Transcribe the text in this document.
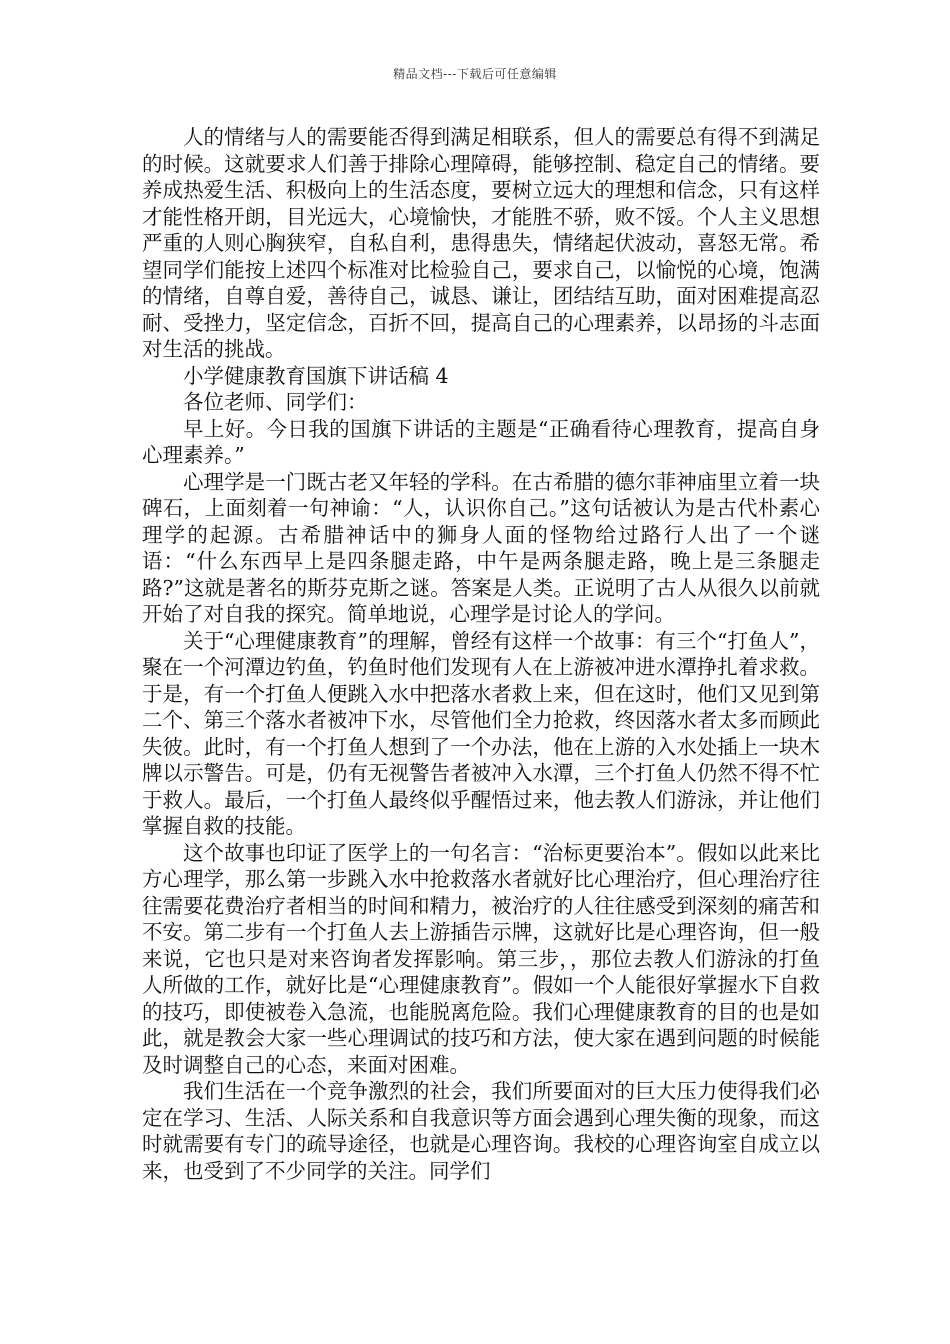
精品文档---下载后可任意编辑

人的情绪与人的需要能否得到满足相联系，但人的需要总有得不到满足的时候。这就要求人们善于排除心理障碍，能够控制、稳定自己的情绪。要养成热爱生活、积极向上的生活态度，要树立远大的理想和信念，只有这样才能性格开朗，目光远大，心境愉快，才能胜不骄，败不馁。个人主义思想严重的人则心胸狭窄，自私自利，患得患失，情绪起伏波动，喜怒无常。希望同学们能按上述四个标准对比检验自己，要求自己，以愉悦的心境，饱满的情绪，自尊自爱，善待自己，诚恳、谦让，团结结互助，面对困难提高忍耐、受挫力，坚定信念，百折不回，提高自己的心理素养，以昂扬的斗志面对生活的挑战。

小学健康教育国旗下讲话稿 4

各位老师、同学们：

早上好。今日我的国旗下讲话的主题是“正确看待心理教育，提高自身心理素养。”

心理学是一门既古老又年轻的学科。在古希腊的德尔菲神庙里立着一块碑石，上面刻着一句神谕：“人，认识你自己。”这句话被认为是古代朴素心理学的起源。古希腊神话中的狮身人面的怪物给过路行人出了一个谜语：“什么东西早上是四条腿走路，中午是两条腿走路，晚上是三条腿走路?”这就是著名的斯芬克斯之谜。答案是人类。正说明了古人从很久以前就开始了对自我的探究。简单地说，心理学是讨论人的学问。

关于“心理健康教育”的理解，曾经有这样一个故事：有三个“打鱼人”，聚在一个河潭边钓鱼，钓鱼时他们发现有人在上游被冲进水潭挣扎着求救。于是，有一个打鱼人便跳入水中把落水者救上来，但在这时，他们又见到第二个、第三个落水者被冲下水，尽管他们全力抢救，终因落水者太多而顾此失彼。此时，有一个打鱼人想到了一个办法，他在上游的入水处插上一块木牌以示警告。可是，仍有无视警告者被冲入水潭，三个打鱼人仍然不得不忙于救人。最后，一个打鱼人最终似乎醒悟过来，他去教人们游泳，并让他们掌握自救的技能。

这个故事也印证了医学上的一句名言：“治标更要治本”。假如以此来比方心理学，那么第一步跳入水中抢救落水者就好比心理治疗，但心理治疗往往需要花费治疗者相当的时间和精力，被治疗的人往往感受到深刻的痛苦和不安。第二步有一个打鱼人去上游插告示牌，这就好比是心理咨询，但一般来说，它也只是对来咨询者发挥影响。第三步，，那位去教人们游泳的打鱼人所做的工作，就好比是“心理健康教育”。假如一个人能很好掌握水下自救的技巧，即使被卷入急流，也能脱离危险。我们心理健康教育的目的也是如此，就是教会大家一些心理调试的技巧和方法，使大家在遇到问题的时候能及时调整自己的心态，来面对困难。

我们生活在一个竞争激烈的社会，我们所要面对的巨大压力使得我们必定在学习、生活、人际关系和自我意识等方面会遇到心理失衡的现象，而这时就需要有专门的疏导途径，也就是心理咨询。我校的心理咨询室自成立以来，也受到了不少同学的关注。同学们
